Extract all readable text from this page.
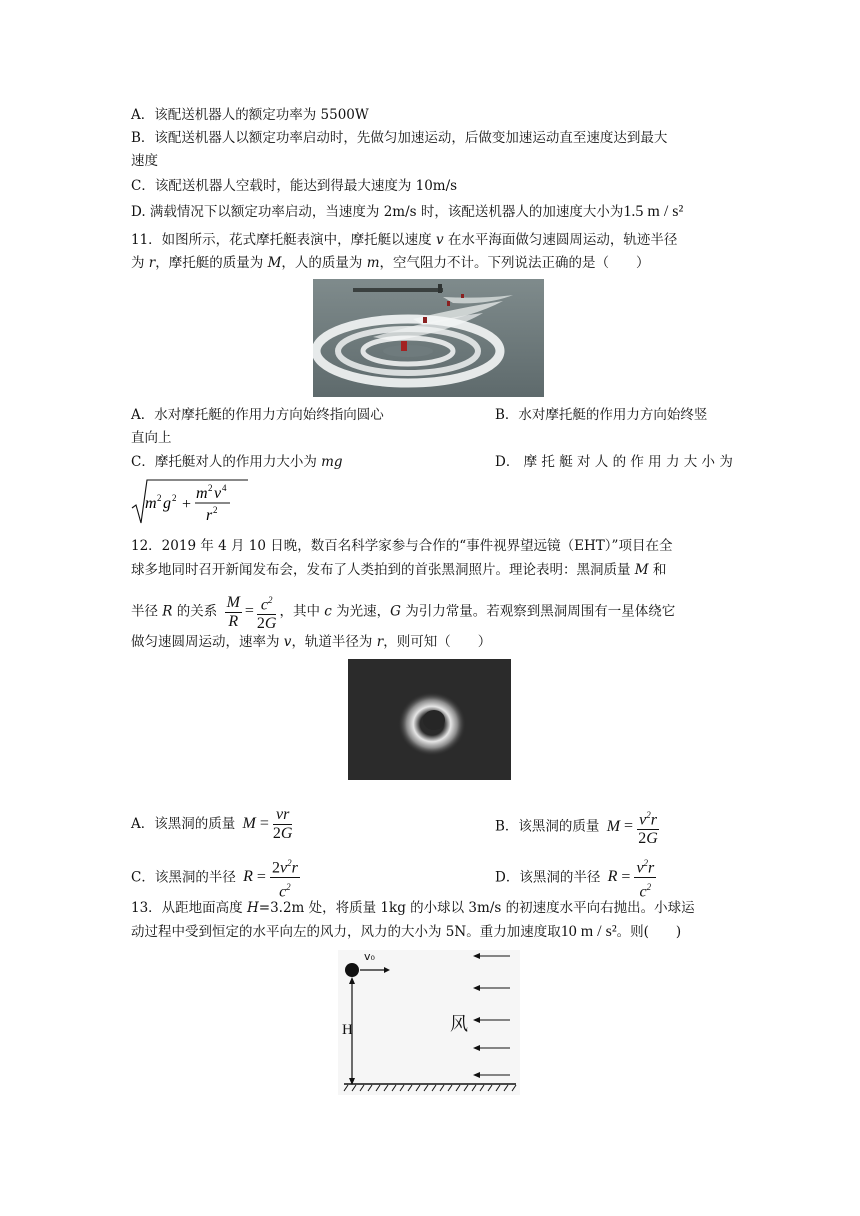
A．该配送机器人的额定功率为 5500W
B．该配送机器人以额定功率启动时，先做匀加速运动，后做变加速运动直至速度达到最大
速度
C．该配送机器人空载时，能达到得最大速度为 10m/s
D. 满载情况下以额定功率启动，当速度为 2m/s 时，该配送机器人的加速度大小为1.5 m / s²
11．如图所示，花式摩托艇表演中，摩托艇以速度 v 在水平海面做匀速圆周运动，轨迹半径
为 r，摩托艇的质量为 M，人的质量为 m，空气阻力不计。下列说法正确的是（　　）
A．水对摩托艇的作用力方向始终指向圆心	B．水对摩托艇的作用力方向始终竖
直向上
C．摩托艇对人的作用力大小为 mg	D． 摩 托 艇 对 人 的 作 用 力 大 小 为
m 2 g 2 +
m 2 v 4
r 2
12．2019 年 4 月 10 日晚，数百名科学家参与合作的“事件视界望远镜（EHT）”项目在全
球多地同时召开新闻发布会，发布了人类拍到的首张黑洞照片。理论表明：黑洞质量 M 和
半径 R 的关系 $\frac{M}{R} = \frac{c^2}{2G}$ ，其中 c 为光速，G 为引力常量。若观察到黑洞周围有一星体绕它
做匀速圆周运动，速率为 v，轨道半径为 r，则可知（　　）
A．该黑洞的质量 $M = \frac{vr}{2G}$	B．该黑洞的质量 $M = \frac{v^2r}{2G}$
C．该黑洞的半径 $R = \frac{2v^2r}{c^2}$	D．该黑洞的半径 $R = \frac{v^2r}{c^2}$
13．从距地面高度 H=3.2m 处，将质量 1kg 的小球以 3m/s 的初速度水平向右抛出。小球运
动过程中受到恒定的水平向左的风力，风力的大小为 5N。重力加速度取10 m / s²。则(　　)
v₀
H	风
